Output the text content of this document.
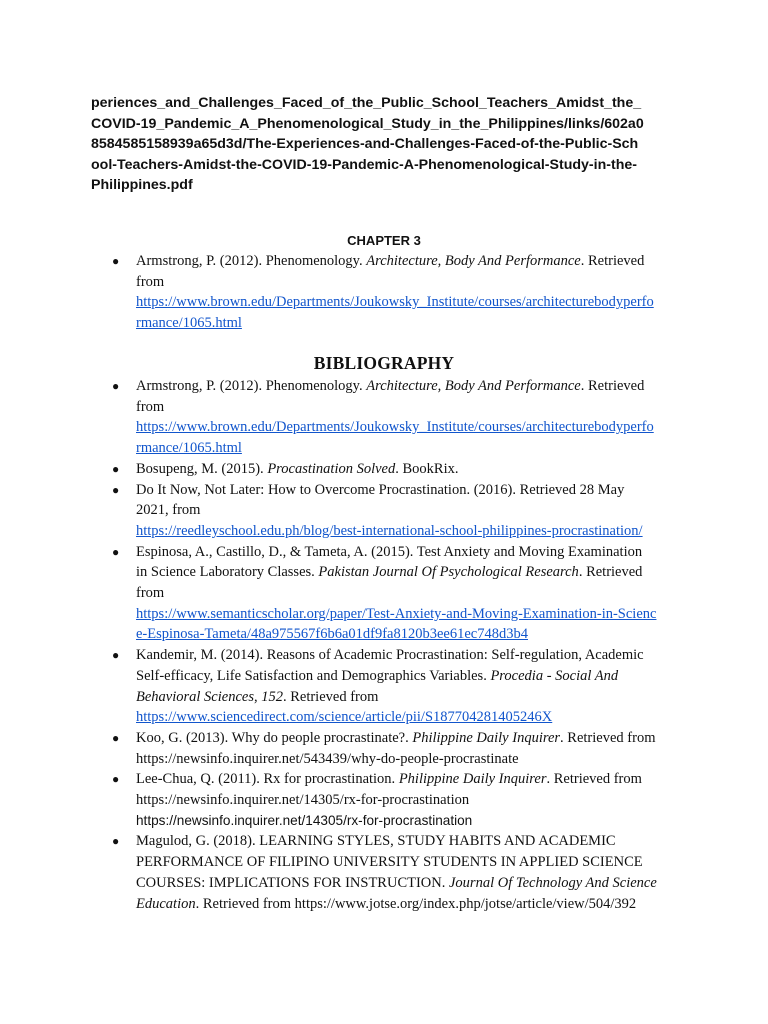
periences_and_Challenges_Faced_of_the_Public_School_Teachers_Amidst_the_
COVID-19_Pandemic_A_Phenomenological_Study_in_the_Philippines/links/602a0
8584585158939a65d3d/The-Experiences-and-Challenges-Faced-of-the-Public-Sch
ool-Teachers-Amidst-the-COVID-19-Pandemic-A-Phenomenological-Study-in-the-
Philippines.pdf
CHAPTER 3
● Armstrong, P. (2012). Phenomenology. Architecture, Body And Performance. Retrieved
from
https://www.brown.edu/Departments/Joukowsky_Institute/courses/architecturebodyperfo
rmance/1065.html
BIBLIOGRAPHY
● Armstrong, P. (2012). Phenomenology. Architecture, Body And Performance. Retrieved
from
https://www.brown.edu/Departments/Joukowsky_Institute/courses/architecturebodyperfo
rmance/1065.html
● Bosupeng, M. (2015). Procastination Solved. BookRix.
● Do It Now, Not Later: How to Overcome Procrastination. (2016). Retrieved 28 May
2021, from
https://reedleyschool.edu.ph/blog/best-international-school-philippines-procrastination/
● Espinosa, A., Castillo, D., & Tameta, A. (2015). Test Anxiety and Moving Examination
in Science Laboratory Classes. Pakistan Journal Of Psychological Research. Retrieved
from
https://www.semanticscholar.org/paper/Test-Anxiety-and-Moving-Examination-in-Scienc
e-Espinosa-Tameta/48a975567f6b6a01df9fa8120b3ee61ec748d3b4
● Kandemir, M. (2014). Reasons of Academic Procrastination: Self-regulation, Academic
Self-efficacy, Life Satisfaction and Demographics Variables. Procedia - Social And
Behavioral Sciences, 152. Retrieved from
https://www.sciencedirect.com/science/article/pii/S187704281405246X
● Koo, G. (2013). Why do people procrastinate?. Philippine Daily Inquirer. Retrieved from
https://newsinfo.inquirer.net/543439/why-do-people-procrastinate
● Lee-Chua, Q. (2011). Rx for procrastination. Philippine Daily Inquirer. Retrieved from
https://newsinfo.inquirer.net/14305/rx-for-procrastination
https://newsinfo.inquirer.net/14305/rx-for-procrastination
● Magulod, G. (2018). LEARNING STYLES, STUDY HABITS AND ACADEMIC
PERFORMANCE OF FILIPINO UNIVERSITY STUDENTS IN APPLIED SCIENCE
COURSES: IMPLICATIONS FOR INSTRUCTION. Journal Of Technology And Science
Education. Retrieved from https://www.jotse.org/index.php/jotse/article/view/504/392
